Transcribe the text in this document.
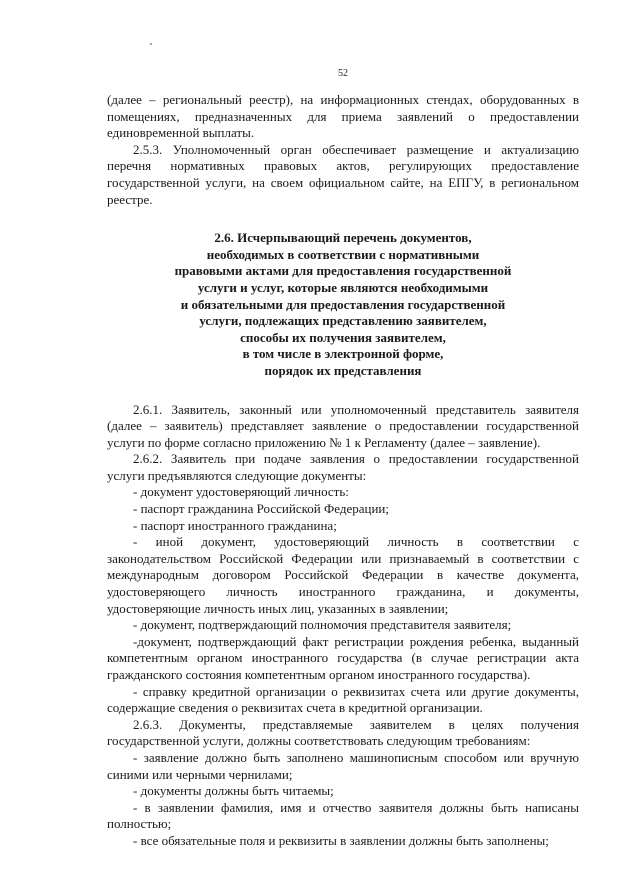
52

(далее – региональный реестр), на информационных стендах, оборудованных в помещениях, предназначенных для приема заявлений о предоставлении единовременной выплаты.

2.5.3. Уполномоченный орган обеспечивает размещение и актуализацию перечня нормативных правовых актов, регулирующих предоставление государственной услуги, на своем официальном сайте, на ЕПГУ, в региональном реестре.

2.6. Исчерпывающий перечень документов,
необходимых в соответствии с нормативными
правовыми актами для предоставления государственной
услуги и услуг, которые являются необходимыми
и обязательными для предоставления государственной
услуги, подлежащих представлению заявителем,
способы их получения заявителем,
в том числе в электронной форме,
порядок их представления

2.6.1. Заявитель, законный или уполномоченный представитель заявителя (далее – заявитель) представляет заявление о предоставлении государственной услуги по форме согласно приложению № 1 к Регламенту (далее – заявление).

2.6.2. Заявитель при подаче заявления о предоставлении государственной услуги предъявляются следующие документы:

- документ удостоверяющий личность:

- паспорт гражданина Российской Федерации;

- паспорт иностранного гражданина;

- иной документ, удостоверяющий личность в соответствии с законодательством Российской Федерации или признаваемый в соответствии с международным договором Российской Федерации в качестве документа, удостоверяющего личность иностранного гражданина, и документы, удостоверяющие личность иных лиц, указанных в заявлении;

- документ, подтверждающий полномочия представителя заявителя;

-документ, подтверждающий факт регистрации рождения ребенка, выданный компетентным органом иностранного государства (в случае регистрации акта гражданского состояния компетентным органом иностранного государства).

- справку кредитной организации о реквизитах счета или другие документы, содержащие сведения о реквизитах счета в кредитной организации.

2.6.3. Документы, представляемые заявителем в целях получения государственной услуги, должны соответствовать следующим требованиям:

- заявление должно быть заполнено машинописным способом или вручную синими или черными чернилами;

- документы должны быть читаемы;

- в заявлении фамилия, имя и отчество заявителя должны быть написаны полностью;

- все обязательные поля и реквизиты в заявлении должны быть заполнены;
